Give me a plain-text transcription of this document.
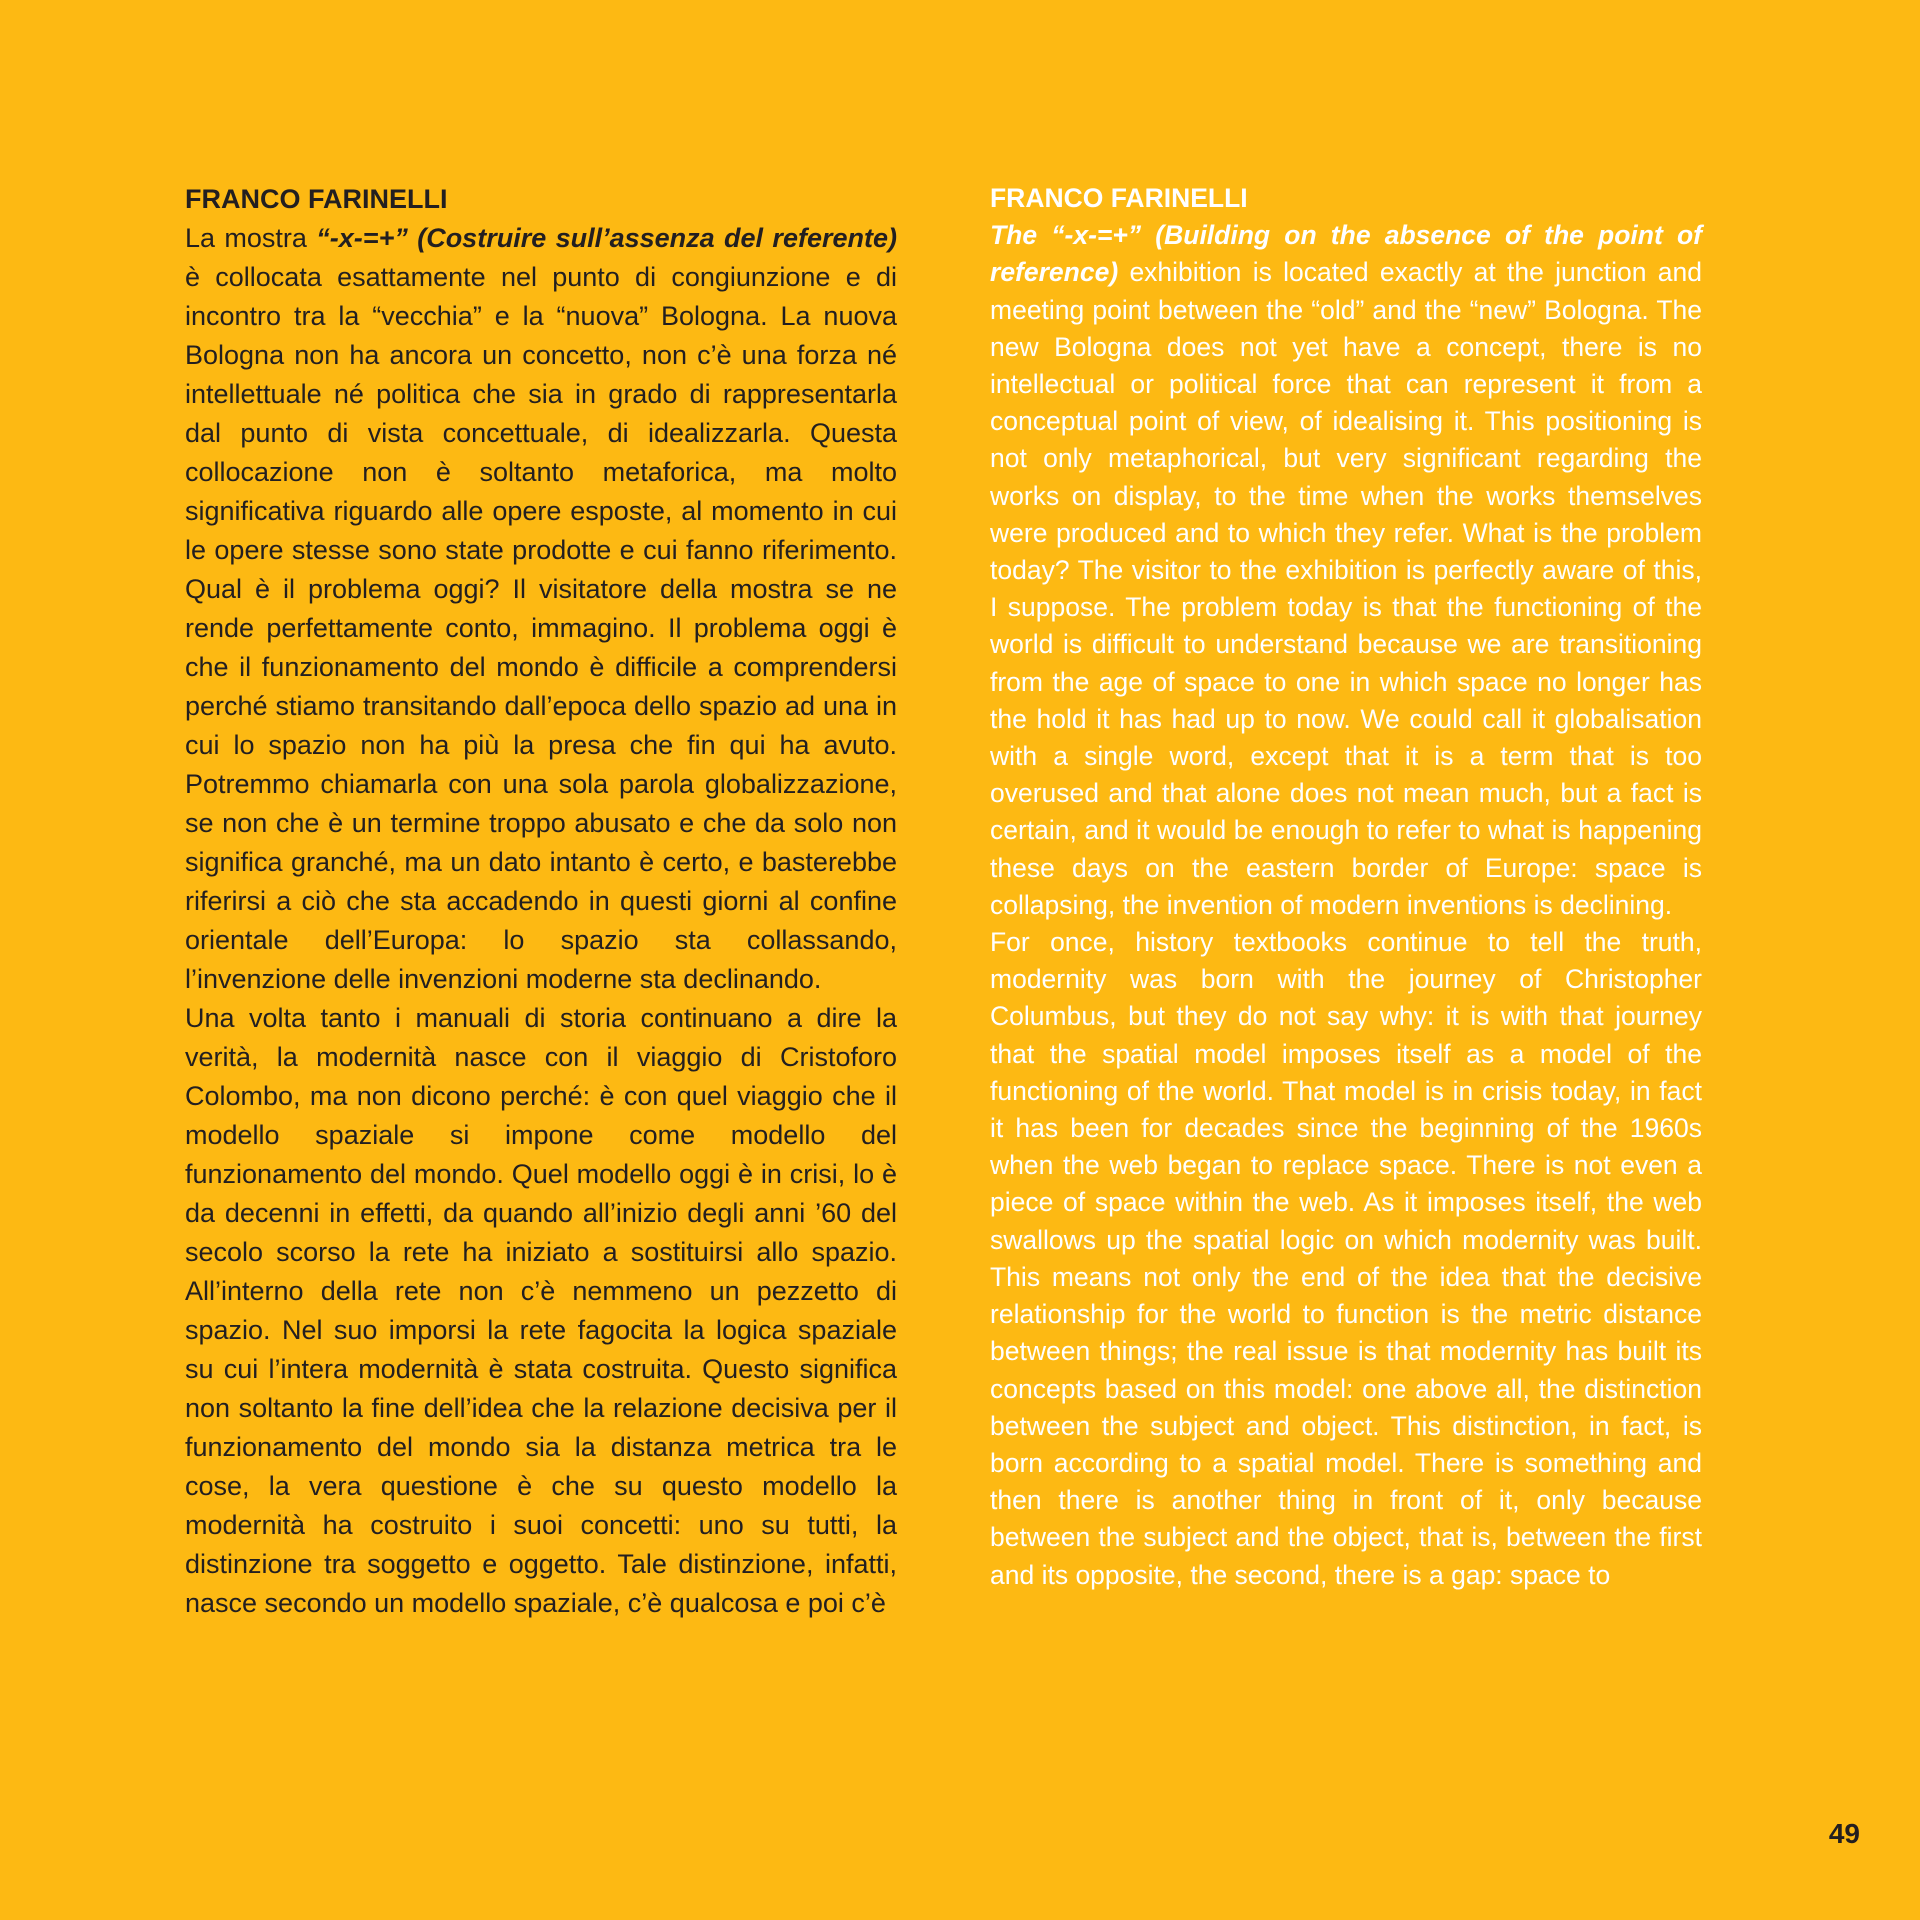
FRANCO FARINELLI

La mostra “-x-=+” (Costruire sull’assenza del referente) è collocata esattamente nel punto di congiunzione e di incontro tra la “vecchia” e la “nuova” Bologna. La nuova Bologna non ha ancora un concetto, non c’è una forza né intellettuale né politica che sia in grado di rappresentarla dal punto di vista concettuale, di idealizzarla. Questa collocazione non è soltanto metaforica, ma molto significativa riguardo alle opere esposte, al momento in cui le opere stesse sono state prodotte e cui fanno riferimento. Qual è il problema oggi? Il visitatore della mostra se ne rende perfettamente conto, immagino. Il problema oggi è che il funzionamento del mondo è difficile a comprendersi perché stiamo transitando dall’epoca dello spazio ad una in cui lo spazio non ha più la presa che fin qui ha avuto. Potremmo chiamarla con una sola parola globalizzazione, se non che è un termine troppo abusato e che da solo non significa granché, ma un dato intanto è certo, e basterebbe riferirsi a ciò che sta accadendo in questi giorni al confine orientale dell’Europa: lo spazio sta collassando, l’invenzione delle invenzioni moderne sta declinando.

Una volta tanto i manuali di storia continuano a dire la verità, la modernità nasce con il viaggio di Cristoforo Colombo, ma non dicono perché: è con quel viaggio che il modello spaziale si impone come modello del funzionamento del mondo. Quel modello oggi è in crisi, lo è da decenni in effetti, da quando all’inizio degli anni ’60 del secolo scorso la rete ha iniziato a sostituirsi allo spazio. All’interno della rete non c’è nemmeno un pezzetto di spazio. Nel suo imporsi la rete fagocita la logica spaziale su cui l’intera modernità è stata costruita. Questo significa non soltanto la fine dell’idea che la relazione decisiva per il funzionamento del mondo sia la distanza metrica tra le cose, la vera questione è che su questo modello la modernità ha costruito i suoi concetti: uno su tutti, la distinzione tra soggetto e oggetto. Tale distinzione, infatti, nasce secondo un modello spaziale, c’è qualcosa e poi c’è

FRANCO FARINELLI

The “-x-=+” (Building on the absence of the point of reference) exhibition is located exactly at the junction and meeting point between the “old” and the “new” Bologna. The new Bologna does not yet have a concept, there is no intellectual or political force that can represent it from a conceptual point of view, of idealising it. This positioning is not only metaphorical, but very significant regarding the works on display, to the time when the works themselves were produced and to which they refer. What is the problem today? The visitor to the exhibition is perfectly aware of this, I suppose. The problem today is that the functioning of the world is difficult to understand because we are transitioning from the age of space to one in which space no longer has the hold it has had up to now. We could call it globalisation with a single word, except that it is a term that is too overused and that alone does not mean much, but a fact is certain, and it would be enough to refer to what is happening these days on the eastern border of Europe: space is collapsing, the invention of modern inventions is declining.

For once, history textbooks continue to tell the truth, modernity was born with the journey of Christopher Columbus, but they do not say why: it is with that journey that the spatial model imposes itself as a model of the functioning of the world. That model is in crisis today, in fact it has been for decades since the beginning of the 1960s when the web began to replace space. There is not even a piece of space within the web. As it imposes itself, the web swallows up the spatial logic on which modernity was built. This means not only the end of the idea that the decisive relationship for the world to function is the metric distance between things; the real issue is that modernity has built its concepts based on this model: one above all, the distinction between the subject and object. This distinction, in fact, is born according to a spatial model. There is something and then there is another thing in front of it, only because between the subject and the object, that is, between the first and its opposite, the second, there is a gap: space to

49
